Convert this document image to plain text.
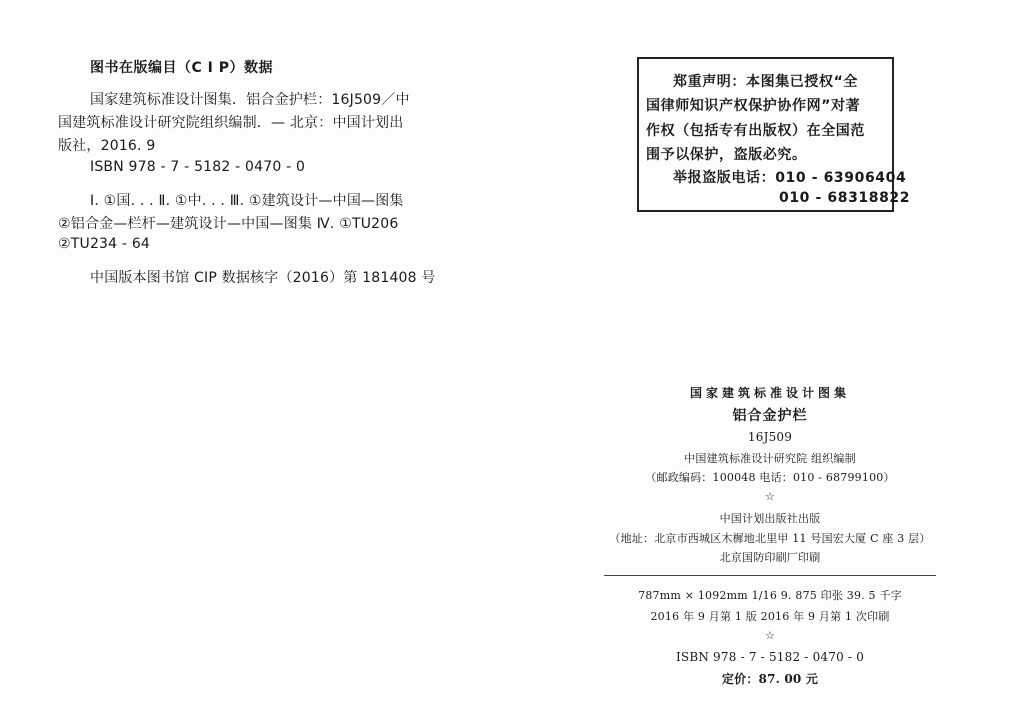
图书在版编目（C I P）数据
国家建筑标准设计图集．铝合金护栏：16J509／中
国建筑标准设计研究院组织编制．— 北京：中国计划出
版社，2016. 9
ISBN 978 - 7 - 5182 - 0470 - 0
Ⅰ. ①国. . . Ⅱ. ①中. . . Ⅲ. ①建筑设计—中国—图集
②铝合金—栏杆—建筑设计—中国—图集 Ⅳ. ①TU206
②TU234 - 64
中国版本图书馆 CIP 数据核字（2016）第 181408 号
郑重声明：本图集已授权“全
国律师知识产权保护协作网”对著
作权（包括专有出版权）在全国范
围予以保护，盗版必究。
举报盗版电话：010 - 63906404
010 - 68318822
国家建筑标准设计图集
铝合金护栏
16J509
中国建筑标准设计研究院 组织编制
（邮政编码：100048 电话：010 - 68799100）
☆
中国计划出版社出版
（地址：北京市西城区木樨地北里甲 11 号国宏大厦 C 座 3 层）
北京国防印刷厂印刷
787mm × 1092mm 1/16 9. 875 印张 39. 5 千字
2016 年 9 月第 1 版 2016 年 9 月第 1 次印刷
☆
ISBN 978 - 7 - 5182 - 0470 - 0
定价：87. 00 元
